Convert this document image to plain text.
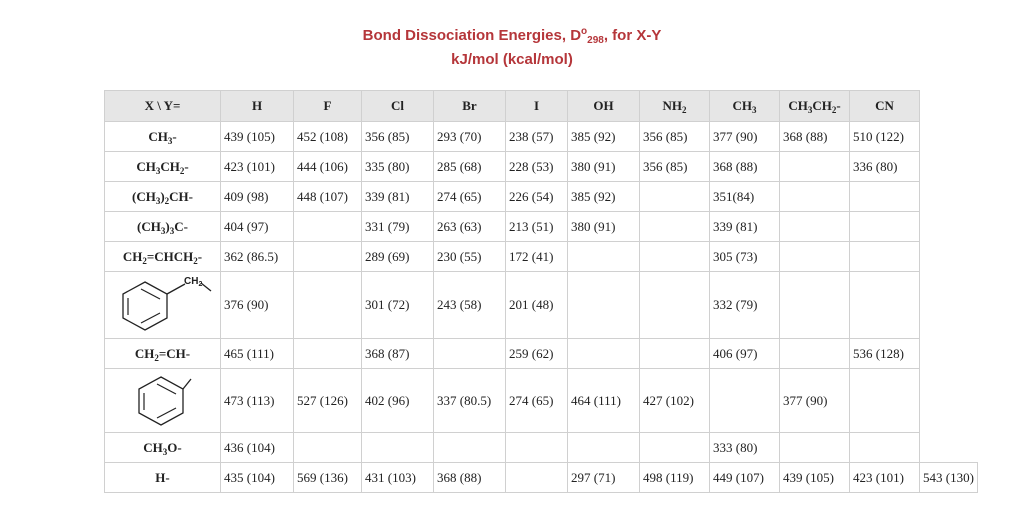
Bond Dissociation Energies, $D^o_{298}$, for X-Y
kJ/mol (kcal/mol)
X \ Y=	H	F	Cl	Br	I	OH	$NH_2$	$CH_3$	$CH_3CH_2-$	CN	
$CH_3-$	439 (105)	452 (108)	356 (85)	293 (70)	238 (57)	385 (92)	356 (85)	377 (90)	368 (88)	510 (122)	
$CH_3CH_2-$	423 (101)	444 (106)	335 (80)	285 (68)	228 (53)	380 (91)	356 (85)	368 (88)		336 (80)	
$(CH_3)_2CH-$	409 (98)	448 (107)	339 (81)	274 (65)	226 (54)	385 (92)		351(84)			
$(CH_3)_3C-$	404 (97)		331 (79)	263 (63)	213 (51)	380 (91)		339 (81)			
$CH_2=CHCH_2-$	362 (86.5)		289 (69)	230 (55)	172 (41)			305 (73)			

$CH_2$	376 (90)		301 (72)	243 (58)	201 (48)			332 (79)			
$CH_2=CH-$	465 (111)		368 (87)		259 (62)			406 (97)		536 (128)	

	473 (113)	527 (126)	402 (96)	337 (80.5)	274 (65)	464 (111)	427 (102)		377 (90)		
$CH_3O-$	436 (104)							333 (80)			
H-	435 (104)	569 (136)	431 (103)	368 (88)		297 (71)	498 (119)	449 (107)	439 (105)	423 (101)	543 (130)
